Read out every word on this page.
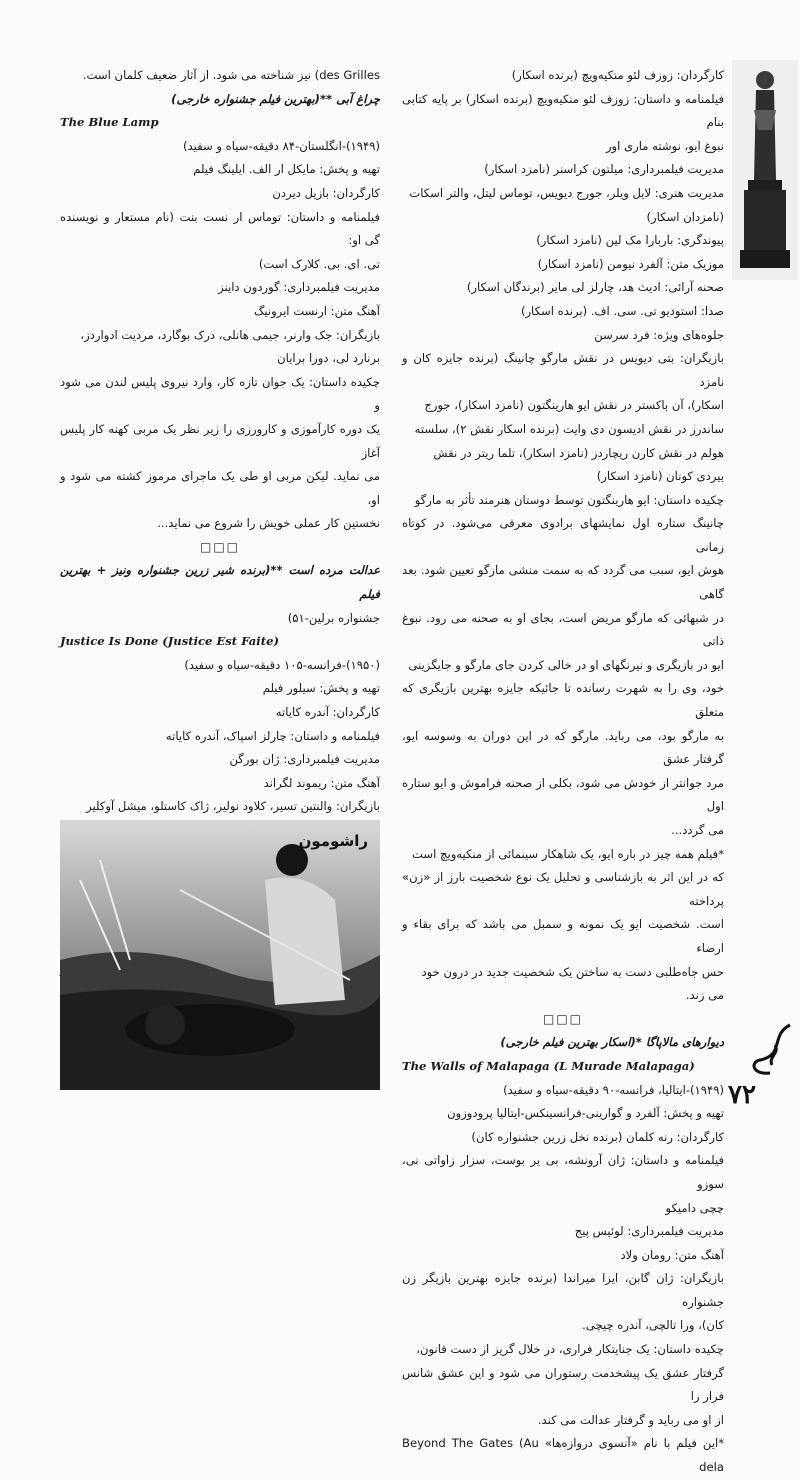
کارگردان: زوزف لئو منکیه‌ویچ (برنده اسکار)

فیلمنامه‌ و داستان: زوزف لئو منکیه‌ویچ (برنده اسکار) بر پایه کتابی بنام

نبوغ ایو، نوشته ماری اور

مدیریت فیلمبرداری: میلتون کراسنر (نامزد اسکار)

مدیریت هنری: لایل ویلر، جورج دیویس، توماس لیتل، والتر اسکات

(نامزدان اسکار)

پیوندگری: باربارا مک لین (نامزد اسکار)

موزیک متن: آلفرد نیومن (نامزد اسکار)

صحنه آرائی: ادیث هد، چارلز لی مایر (برندگان اسکار)

صدا: استودیو تی. سی. اف. (برنده اسکار)

جلوه‌های ویژه: فرد سرسن

بازیگران: بتی دیویس در نقش مارگو چانینگ (برنده جایزه کان و نامزد

اسکار)، آن باکستر در نقش ایو هارینگتون (نامزد اسکار)، جورج

ساندرز در نقش ادیسون دی وایت (برنده اسکار نقش ۲)، سلسته

هولم در نقش کارن ریچاردز (نامزد اسکار)، تلما ریتر در نقش

بیردی کونان (نامزد اسکار)

چکیده داستان: ایو هارینگتون توسط دوستان هنرمند تأثر به مارگو

چانینگ ستاره اول نمایشهای برادوی معرفی می‌شود. در کوتاه زمانی

هوش ایو، سبب می گردد که به سمت منشی مارگو تعیین شود. بعد گاهی

در شبهائی که مارگو مریض است، بجای او به صحنه می رود. نبوغ ذاتی

ایو در بازیگری و نیرنگهای او در خالی کردن جای مارگو و جایگزینی

خود، وی را به شهرت رسانده تا جائیکه جایزه بهترین بازیگری که متعلق

به مارگو بود، می رباید. مارگو که در این دوران به وسوسه ایو، گرفتار عشق

مرد جوانتر از خودش می شود، بکلی از صحنه فراموش و ایو ستاره اول

می گردد...

*فیلم همه چیز در باره ایو، یک شاهکار سینمائی از منکیه‌ویچ است

که در این اثر به بازشناسی و تحلیل یک نوع شخصیت بارز از «زن» پرداخته

است. شخصیت ایو یک نمونه و سمبل می باشد که برای بقاء و ارضاء

حس جاه‌طلبی دست به ساختن یک شخصیت جدید در درون خود

می زند.

□□□

دیوارهای مالاپاگا *(اسکار بهترین فیلم خارجی)

The Walls of Malapaga (L Murade Malapaga)

(۱۹۴۹)-ایتالیا، فرانسه-۹۰ دقیقه-سیاه و سفید)

تهیه و پخش: آلفرد و گوارینی-فرانسینکس-ایتالیا پرودوزون

کارگردان: رنه کلمان (برنده نخل زرین جشنواره کان)

فیلمنامه و داستان: ژان آرونشه، بی یر بوست، سزار زاواتی نی، سوزو

چچی دامیکو

مدیریت فیلمبرداری: لوئیس پیج

آهنگ متن: رومان ولاد

بازیگران: ژان گابن، ایزا میراندا (برنده جایزه بهترین بازیگر زن جشنواره

کان)، ورا تالچی، آندره چیچی.

چکیده داستان: یک جنایتکار فراری، در خلال گریز از دست قانون،

گرفتار عشق یک پیشخدمت رستوران می شود و این عشق شانس فرار را

از او می رباید و گرفتار عدالت می کند.

*این فیلم با نام «آنسوی دروازه‌ها» Beyond The Gates (Au dela

des Grilles) نیز شناخته می شود. از آثار ضعیف کلمان است.

چراغ آبی **(بهترین فیلم جشنواره خارجی)

The Blue Lamp

(۱۹۴۹)-انگلستان-۸۴ دقیقه-سیاه و سفید)

تهیه و پخش: مایکل ار الف. ایلینگ فیلم

کارگردان: بازیل دیردن

فیلمنامه و داستان: توماس ار نست بنت (نام مستعار و نویسنده گی او:

تی. ای. بی. کلارک است)

مدیریت فیلمبرداری: گوردون داینز

آهنگ متن: ارنست ایرونیگ

بازیگران: جک وارنر، جیمی هانلی، درک بوگارد، مردیت ادواردز،

برنارد لی، دورا برایان

چکیده داستان: یک جوان تازه کار، وارد نیروی پلیس لندن می شود و

یک دوره کارآموزی و کارورزی را زیر نظر یک مربی کهنه کار پلیس آغاز

می نماید. لیکن مربی او طی یک ماجرای مرموز کشته می شود و او،

نخستین کار عملی خویش را شروع می نماید...

□□□

عدالت مرده است **(برنده شیر زرین جشنواره ونیز + بهترین فیلم

جشنواره برلین-۵۱)

Justice Is Done (Justice Est Faite)

(۱۹۵۰)-فرانسه-۱۰۵ دقیقه-سیاه و سفید)

تهیه و پخش: سیلور فیلم

کارگردان: آندره کایاته

فیلمنامه و داستان: چارلز اسپاک، آندره کایاته

مدیریت فیلمبرداری: ژان بورگن

آهنگ متن: ریموند لگراند

بازیگران: والنتین تسیر، کلاود نولیر، ژاک کاستلو، میشل آوکلیر

راشومون
۷۲
